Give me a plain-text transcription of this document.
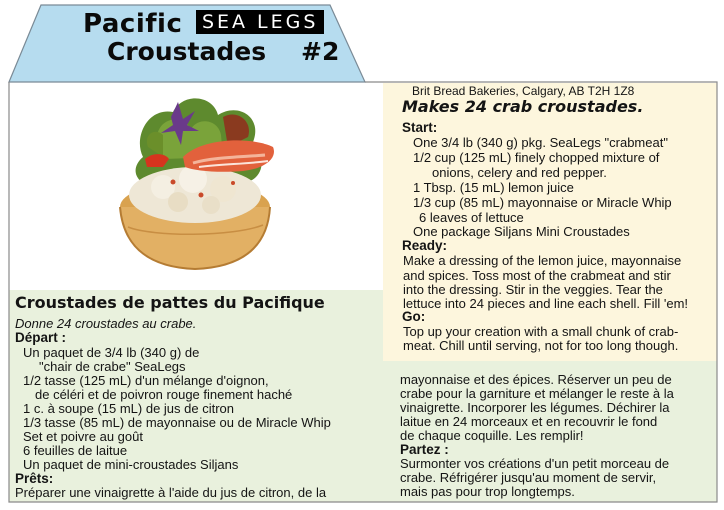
Pacific SEA LEGS
Croustades #2
Brit Bread Bakeries, Calgary, AB T2H 1Z8
Makes 24 crab croustades.
Start:
One 3/4 lb (340 g) pkg. SeaLegs "crabmeat"
1/2 cup (125 mL) finely chopped mixture of
onions, celery and red pepper.
1 Tbsp. (15 mL) lemon juice
1/3 cup (85 mL) mayonnaise or Miracle Whip
6 leaves of lettuce
One package Siljans Mini Croustades
Ready:
Make a dressing of the lemon juice, mayonnaise
and spices. Toss most of the crabmeat and stir
into the dressing. Stir in the veggies. Tear the
lettuce into 24 pieces and line each shell. Fill 'em!
Go:
Top up your creation with a small chunk of crab-
meat. Chill until serving, not for too long though.
Croustades de pattes du Pacifique
Donne 24 croustades au crabe.
Départ :
Un paquet de 3/4 lb (340 g) de
"chair de crabe" SeaLegs
1/2 tasse (125 mL) d'un mélange d'oignon,
de céléri et de poivron rouge finement haché
1 c. à soupe (15 mL) de jus de citron
1/3 tasse (85 mL) de mayonnaise ou de Miracle Whip
Set et poivre au goût
6 feuilles de laitue
Un paquet de mini-croustades Siljans
Prêts:
Préparer une vinaigrette à l'aide du jus de citron, de la
mayonnaise et des épices. Réserver un peu de
crabe pour la garniture et mélanger le reste à la
vinaigrette. Incorporer les légumes. Déchirer la
laitue en 24 morceaux et en recouvrir le fond
de chaque coquille. Les remplir!
Partez :
Surmonter vos créations d'un petit morceau de
crabe. Réfrigérer jusqu'au moment de servir,
mais pas pour trop longtemps.
